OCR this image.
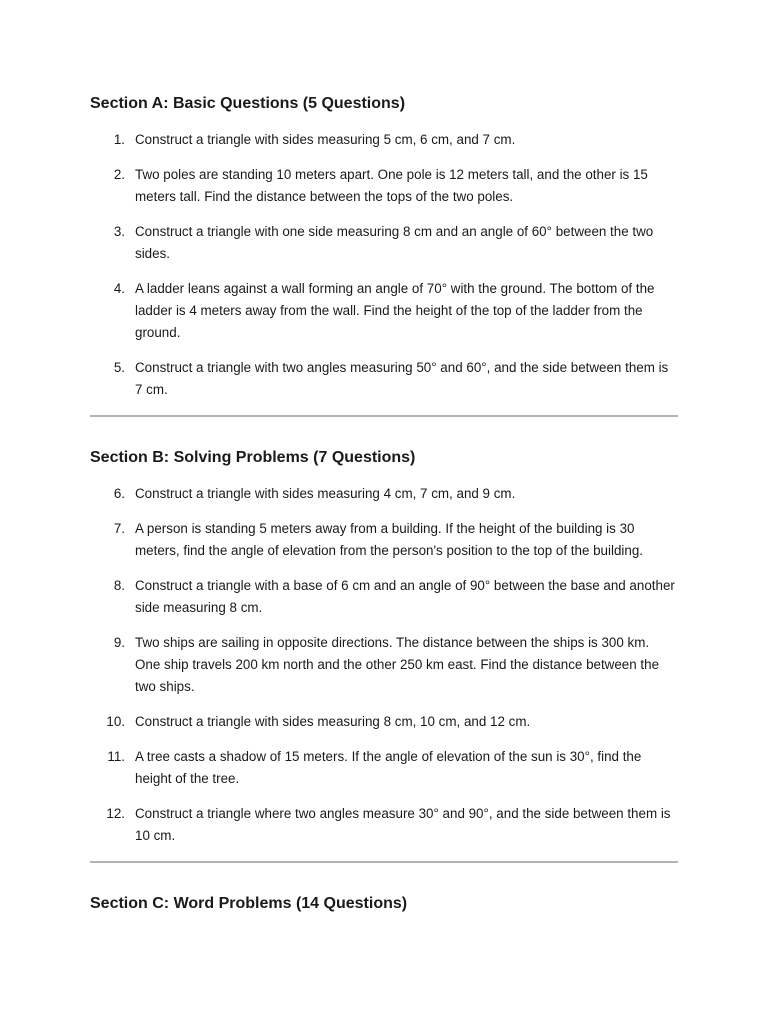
Section A: Basic Questions (5 Questions)
1. Construct a triangle with sides measuring 5 cm, 6 cm, and 7 cm.
2. Two poles are standing 10 meters apart. One pole is 12 meters tall, and the other is 15 meters tall. Find the distance between the tops of the two poles.
3. Construct a triangle with one side measuring 8 cm and an angle of 60° between the two sides.
4. A ladder leans against a wall forming an angle of 70° with the ground. The bottom of the ladder is 4 meters away from the wall. Find the height of the top of the ladder from the ground.
5. Construct a triangle with two angles measuring 50° and 60°, and the side between them is 7 cm.
Section B: Solving Problems (7 Questions)
6. Construct a triangle with sides measuring 4 cm, 7 cm, and 9 cm.
7. A person is standing 5 meters away from a building. If the height of the building is 30 meters, find the angle of elevation from the person's position to the top of the building.
8. Construct a triangle with a base of 6 cm and an angle of 90° between the base and another side measuring 8 cm.
9. Two ships are sailing in opposite directions. The distance between the ships is 300 km. One ship travels 200 km north and the other 250 km east. Find the distance between the two ships.
10. Construct a triangle with sides measuring 8 cm, 10 cm, and 12 cm.
11. A tree casts a shadow of 15 meters. If the angle of elevation of the sun is 30°, find the height of the tree.
12. Construct a triangle where two angles measure 30° and 90°, and the side between them is 10 cm.
Section C: Word Problems (14 Questions)
